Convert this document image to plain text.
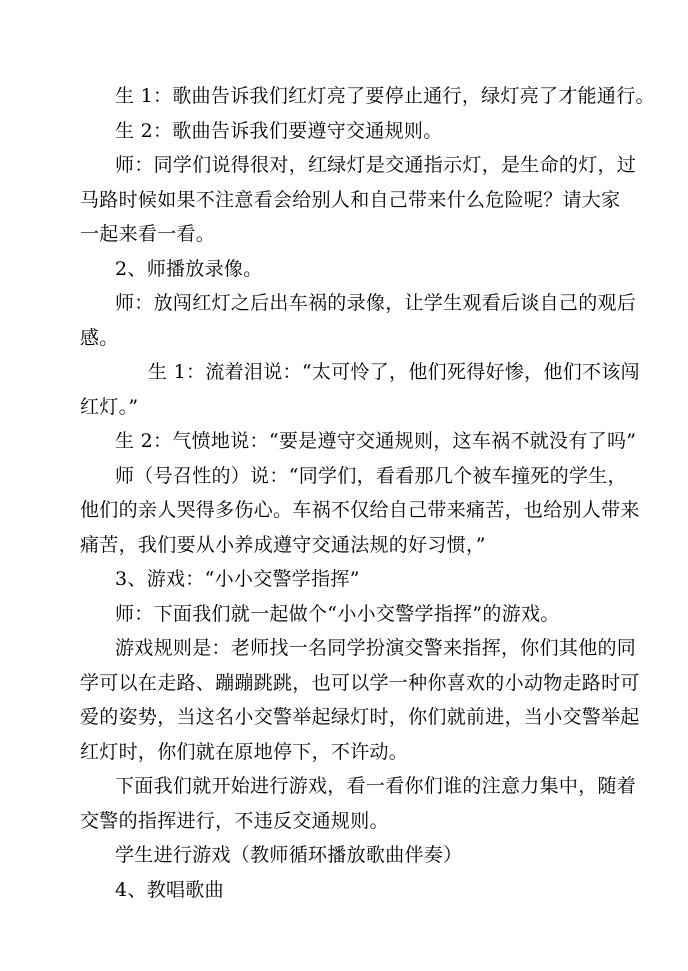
生 1：歌曲告诉我们红灯亮了要停止通行，绿灯亮了才能通行。
生 2：歌曲告诉我们要遵守交通规则。
师：同学们说得很对，红绿灯是交通指示灯，是生命的灯，过
马路时候如果不注意看会给别人和自己带来什么危险呢？请大家
一起来看一看。
2、师播放录像。
师：放闯红灯之后出车祸的录像，让学生观看后谈自己的观后
感。
生 1：流着泪说：“太可怜了，他们死得好惨，他们不该闯
红灯。”
生 2：气愤地说：“要是遵守交通规则，这车祸不就没有了吗”
师（号召性的）说：“同学们，看看那几个被车撞死的学生，
他们的亲人哭得多伤心。车祸不仅给自己带来痛苦，也给别人带来
痛苦，我们要从小养成遵守交通法规的好习惯，”
3、游戏：“小小交警学指挥”
师：下面我们就一起做个“小小交警学指挥”的游戏。
游戏规则是：老师找一名同学扮演交警来指挥，你们其他的同
学可以在走路、蹦蹦跳跳，也可以学一种你喜欢的小动物走路时可
爱的姿势，当这名小交警举起绿灯时，你们就前进，当小交警举起
红灯时，你们就在原地停下，不许动。
下面我们就开始进行游戏，看一看你们谁的注意力集中，随着
交警的指挥进行，不违反交通规则。
学生进行游戏（教师循环播放歌曲伴奏）
4、教唱歌曲
